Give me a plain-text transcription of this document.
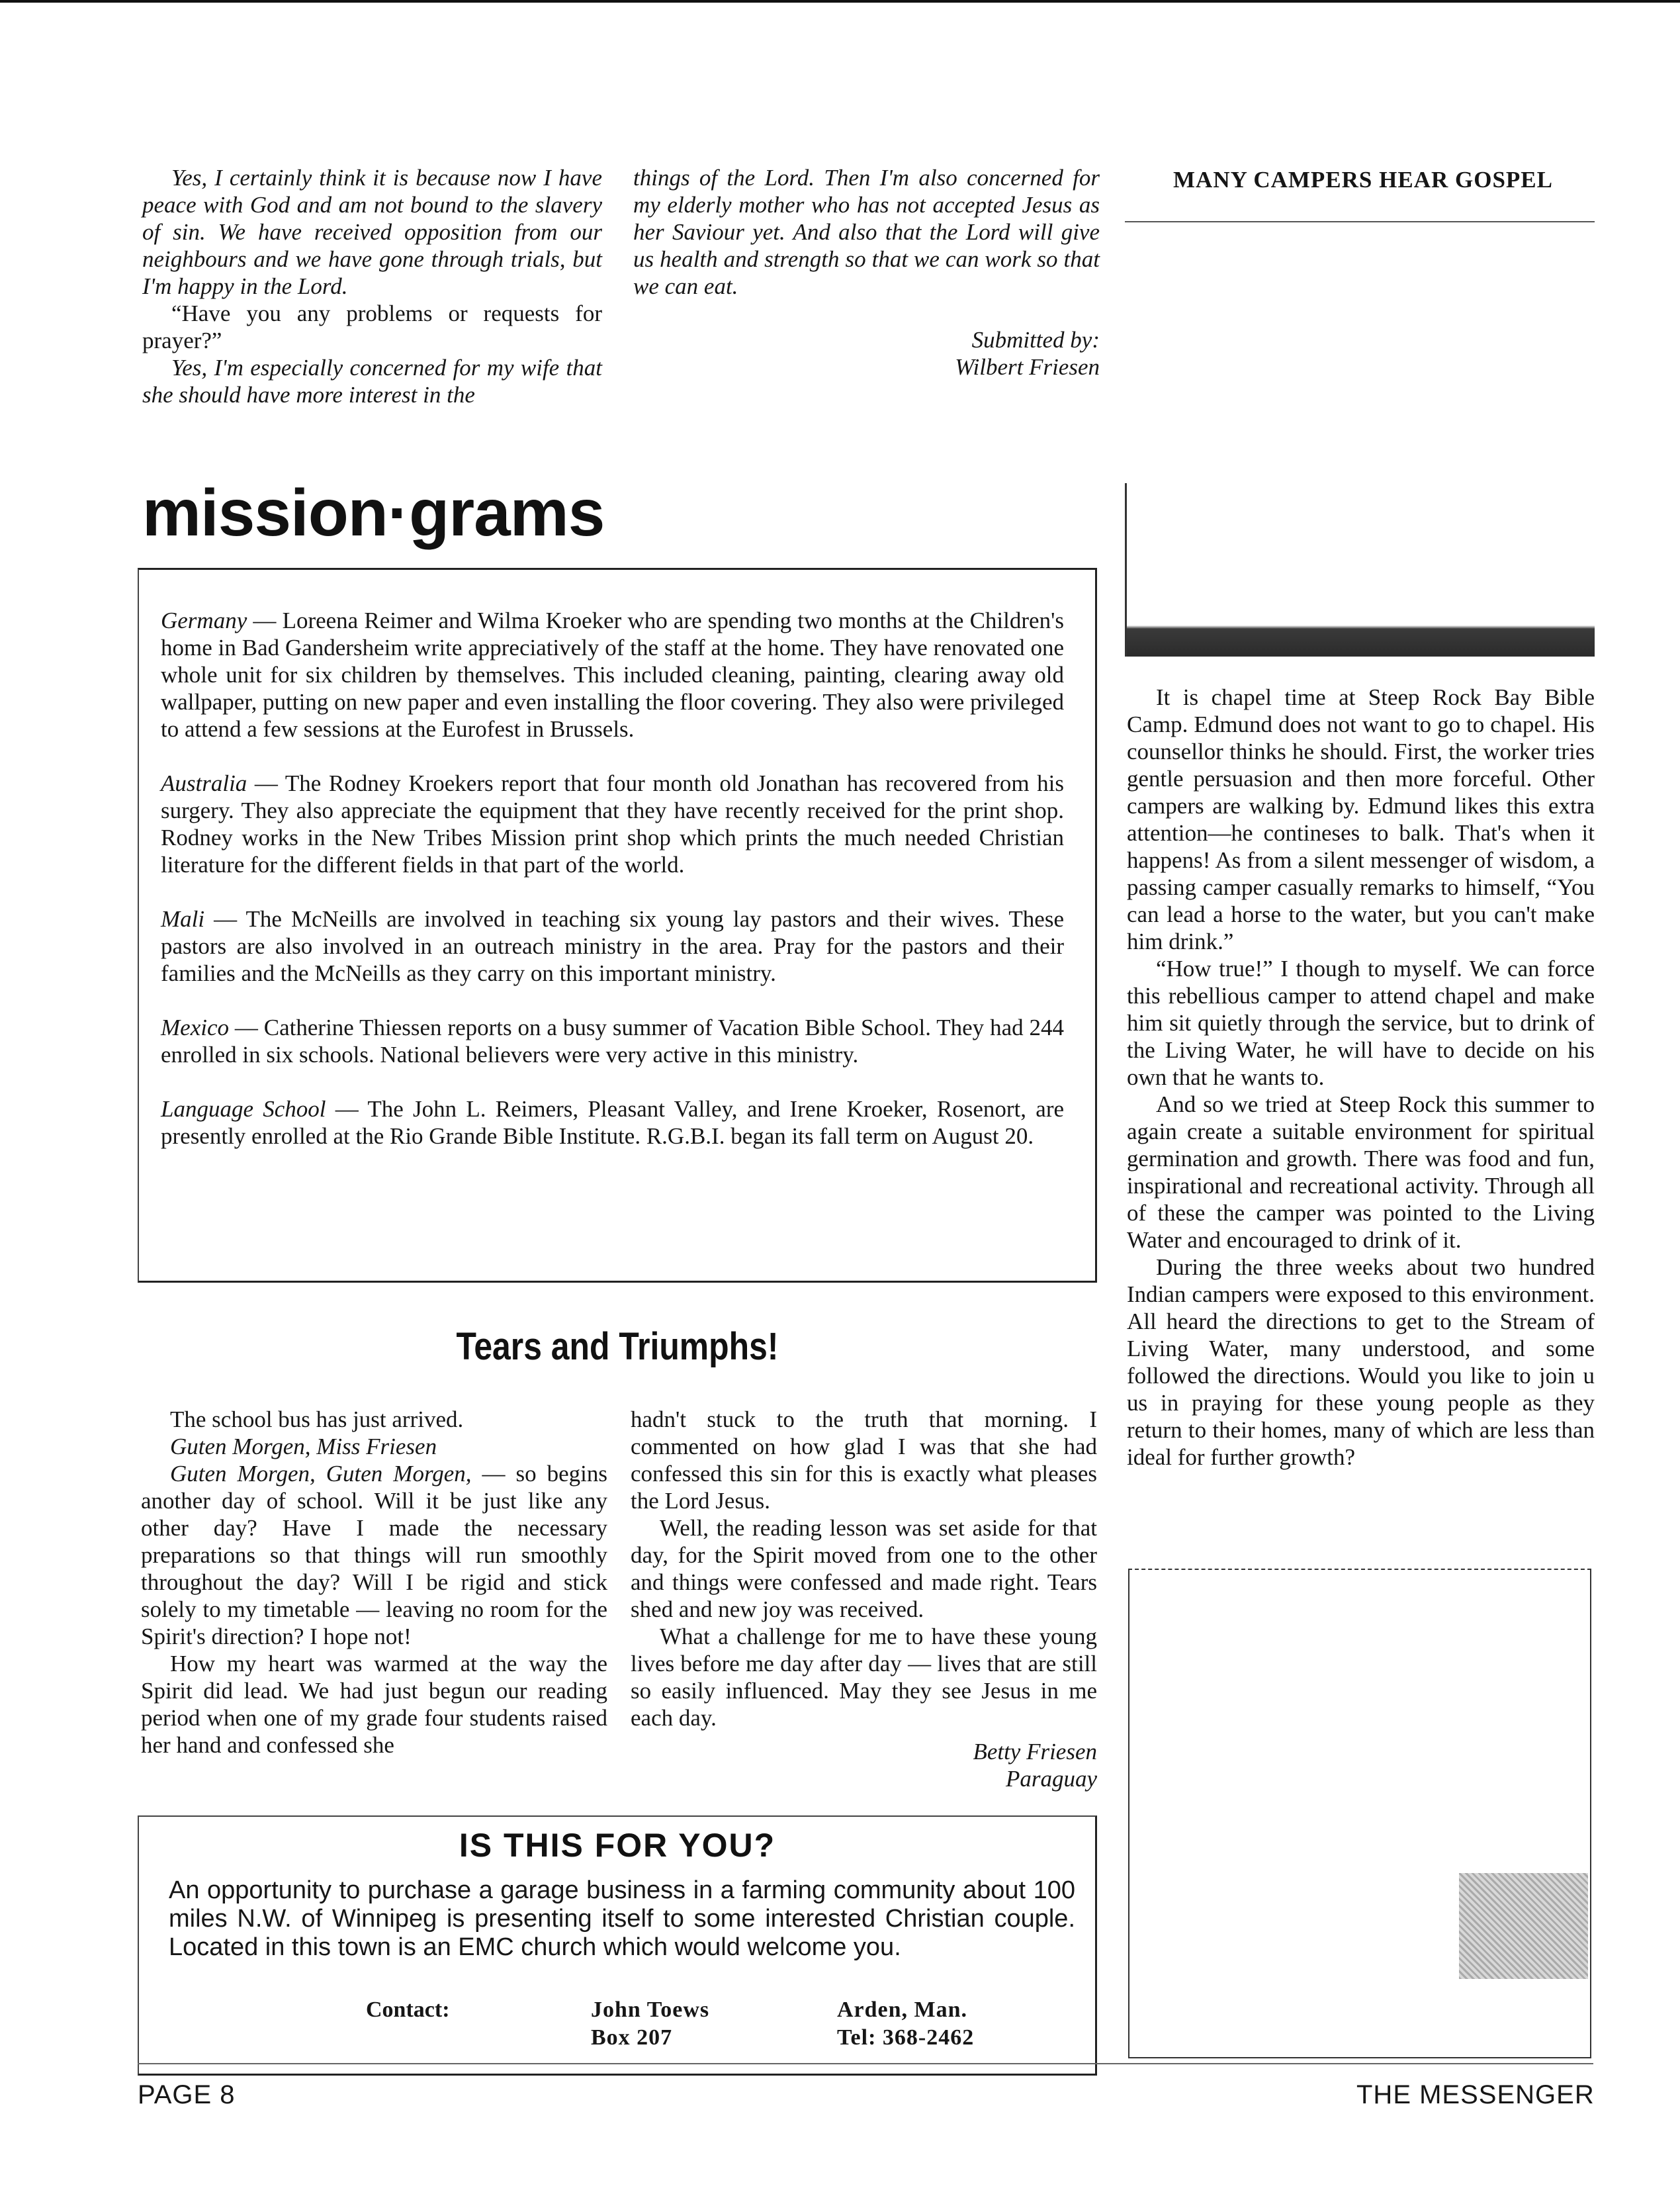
Yes, I certainly think it is because now I have peace with God and am not bound to the slavery of sin. We have received opposition from our neighbours and we have gone through trials, but I'm happy in the Lord.

“Have you any problems or requests for prayer?”

Yes, I'm especially concerned for my wife that she should have more interest in the

things of the Lord. Then I'm also concerned for my elderly mother who has not accepted Jesus as her Saviour yet. And also that the Lord will give us health and strength so that we can work so that we can eat.

Submitted by:

Wilbert Friesen

MANY CAMPERS HEAR GOSPEL

It is chapel time at Steep Rock Bay Bible Camp. Edmund does not want to go to chapel. His counsellor thinks he should. First, the worker tries gentle persuasion and then more forceful. Other campers are walking by. Edmund likes this extra attention—he contineses to balk. That's when it happens! As from a silent messenger of wisdom, a passing camper casually remarks to himself, “You can lead a horse to the water, but you can't make him drink.”

“How true!” I though to myself. We can force this rebellious camper to attend chapel and make him sit quietly through the service, but to drink of the Living Water, he will have to decide on his own that he wants to.

And so we tried at Steep Rock this summer to again create a suitable environment for spiritual germination and growth. There was food and fun, inspirational and recreational activity. Through all of these the camper was pointed to the Living Water and encouraged to drink of it.

During the three weeks about two hundred Indian campers were exposed to this environment. All heard the directions to get to the Stream of Living Water, many understood, and some followed the directions. Would you like to join u us in praying for these young people as they return to their homes, many of which are less than ideal for further growth?

mission·grams

Germany — Loreena Reimer and Wilma Kroeker who are spending two months at the Children's home in Bad Gandersheim write appreciatively of the staff at the home. They have renovated one whole unit for six children by themselves. This included cleaning, painting, clearing away old wallpaper, putting on new paper and even installing the floor covering. They also were privileged to attend a few sessions at the Eurofest in Brussels.

Australia — The Rodney Kroekers report that four month old Jonathan has recovered from his surgery. They also appreciate the equipment that they have recently received for the print shop. Rodney works in the New Tribes Mission print shop which prints the much needed Christian literature for the different fields in that part of the world.

Mali — The McNeills are involved in teaching six young lay pastors and their wives. These pastors are also involved in an outreach ministry in the area. Pray for the pastors and their families and the McNeills as they carry on this important ministry.

Mexico — Catherine Thiessen reports on a busy summer of Vacation Bible School. They had 244 enrolled in six schools. National believers were very active in this ministry.

Language School — The John L. Reimers, Pleasant Valley, and Irene Kroeker, Rosenort, are presently enrolled at the Rio Grande Bible Institute. R.G.B.I. began its fall term on August 20.

Tears and Triumphs!

The school bus has just arrived.

Guten Morgen, Miss Friesen

Guten Morgen, Guten Morgen, — so begins another day of school. Will it be just like any other day? Have I made the necessary preparations so that things will run smoothly throughout the day? Will I be rigid and stick solely to my timetable — leaving no room for the Spirit's direction? I hope not!

How my heart was warmed at the way the Spirit did lead. We had just begun our reading period when one of my grade four students raised her hand and confessed she

hadn't stuck to the truth that morning. I commented on how glad I was that she had confessed this sin for this is exactly what pleases the Lord Jesus.

Well, the reading lesson was set aside for that day, for the Spirit moved from one to the other and things were confessed and made right. Tears shed and new joy was received.

What a challenge for me to have these young lives before me day after day — lives that are still so easily influenced. May they see Jesus in me each day.

Betty Friesen

Paraguay

IS THIS FOR YOU?
An opportunity to purchase a garage business in a farming community about 100 miles N.W. of Winnipeg is presenting itself to some interested Christian couple. Located in this town is an EMC church which would welcome you.
Contact:	John Toews
Box 207
Arden, Man.
Tel: 368-2462
PAGE 8	THE MESSENGER
